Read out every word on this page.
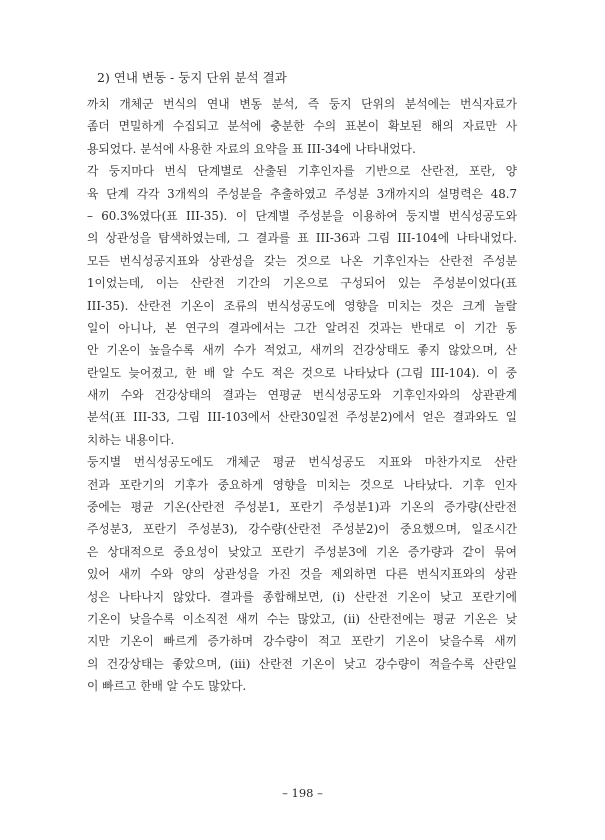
2) 연내 변동 - 둥지 단위 분석 결과

까치 개체군 번식의 연내 변동 분석, 즉 둥지 단위의 분석에는 번식자료가
좀더 면밀하게 수집되고 분석에 충분한 수의 표본이 확보된 해의 자료만 사
용되었다. 분석에 사용한 자료의 요약을 표 III-34에 나타내었다.

각 둥지마다 번식 단계별로 산출된 기후인자를 기반으로 산란전, 포란, 양
육 단계 각각 3개씩의 주성분을 추출하였고 주성분 3개까지의 설명력은 48.7
– 60.3%였다(표 III-35). 이 단계별 주성분을 이용하여 둥지별 번식성공도와
의 상관성을 탐색하였는데, 그 결과를 표 III-36과 그림 III-104에 나타내었다.
모든 번식성공지표와 상관성을 갖는 것으로 나온 기후인자는 산란전 주성분
1이었는데, 이는 산란전 기간의 기온으로 구성되어 있는 주성분이었다(표
III-35). 산란전 기온이 조류의 번식성공도에 영향을 미치는 것은 크게 놀랄
일이 아니나, 본 연구의 결과에서는 그간 알려진 것과는 반대로 이 기간 동
안 기온이 높을수록 새끼 수가 적었고, 새끼의 건강상태도 좋지 않았으며, 산
란일도 늦어졌고, 한 배 알 수도 적은 것으로 나타났다 (그림 III-104). 이 중
새끼 수와 건강상태의 결과는 연평균 번식성공도와 기후인자와의 상관관계
분석(표 III-33, 그림 III-103에서 산란30일전 주성분2)에서 얻은 결과와도 일
치하는 내용이다.

둥지별 번식성공도에도 개체군 평균 번식성공도 지표와 마찬가지로 산란
전과 포란기의 기후가 중요하게 영향을 미치는 것으로 나타났다. 기후 인자
중에는 평균 기온(산란전 주성분1, 포란기 주성분1)과 기온의 증가량(산란전
주성분3, 포란기 주성분3), 강수량(산란전 주성분2)이 중요했으며, 일조시간
은 상대적으로 중요성이 낮았고 포란기 주성분3에 기온 증가량과 같이 묶여
있어 새끼 수와 양의 상관성을 가진 것을 제외하면 다른 번식지표와의 상관
성은 나타나지 않았다. 결과를 종합해보면, (i) 산란전 기온이 낮고 포란기에
기온이 낮을수록 이소직전 새끼 수는 많았고, (ii) 산란전에는 평균 기온은 낮
지만 기온이 빠르게 증가하며 강수량이 적고 포란기 기온이 낮을수록 새끼
의 건강상태는 좋았으며, (iii) 산란전 기온이 낮고 강수량이 적을수록 산란일
이 빠르고 한배 알 수도 많았다.

– 198 –
